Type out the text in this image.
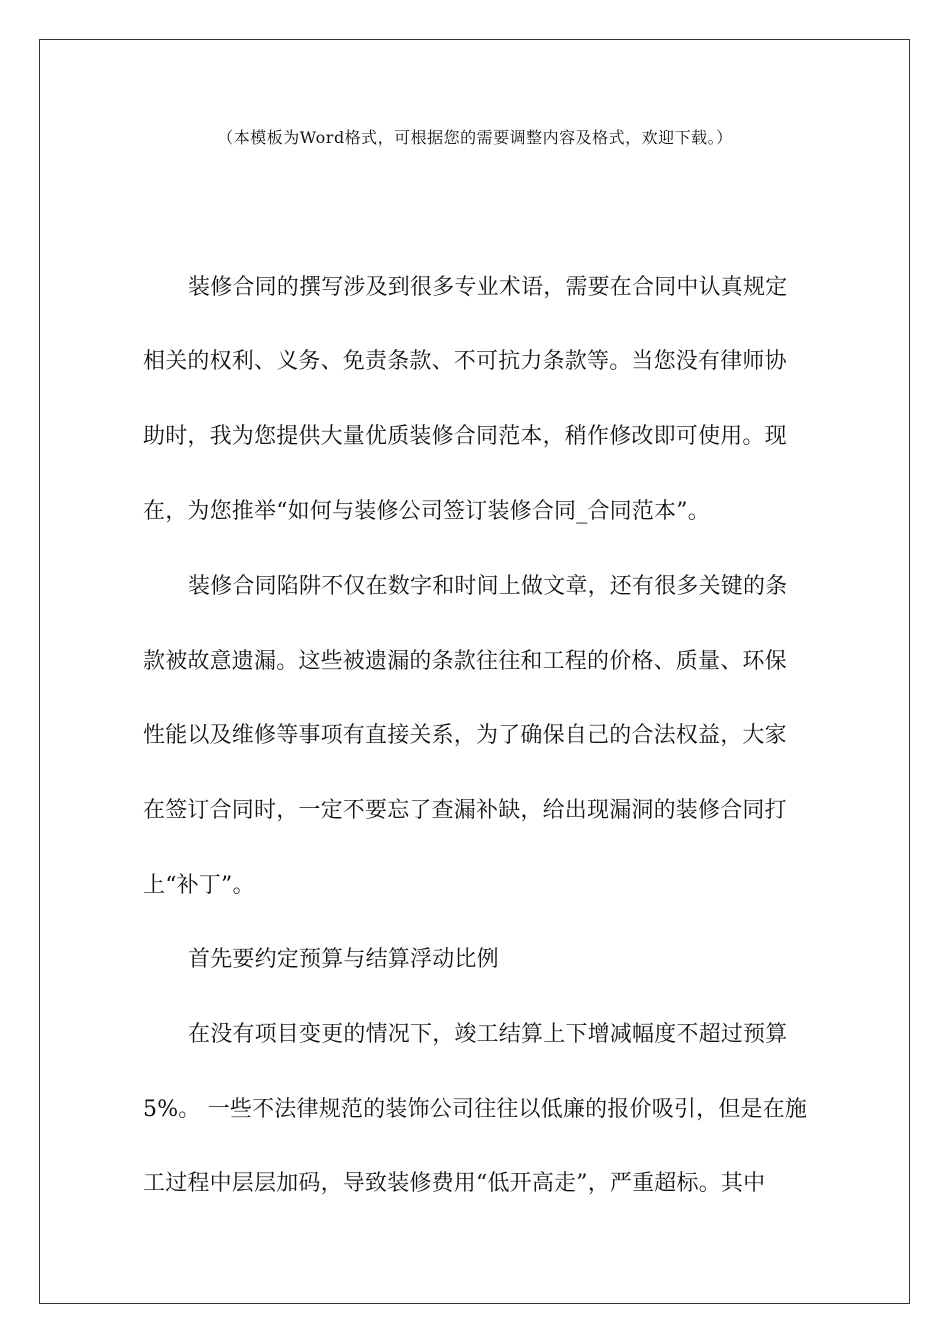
（本模板为Word格式，可根据您的需要调整内容及格式，欢迎下载。）
装修合同的撰写涉及到很多专业术语，需要在合同中认真规定
相关的权利、义务、免责条款、不可抗力条款等。当您没有律师协
助时，我为您提供大量优质装修合同范本，稍作修改即可使用。现
在，为您推举“如何与装修公司签订装修合同_合同范本”。
装修合同陷阱不仅在数字和时间上做文章，还有很多关键的条
款被故意遗漏。这些被遗漏的条款往往和工程的价格、质量、环保
性能以及维修等事项有直接关系，为了确保自己的合法权益，大家
在签订合同时，一定不要忘了查漏补缺，给出现漏洞的装修合同打
上“补丁”。
首先要约定预算与结算浮动比例
在没有项目变更的情况下，竣工结算上下增减幅度不超过预算
5%。 一些不法律规范的装饰公司往往以低廉的报价吸引，但是在施
工过程中层层加码，导致装修费用“低开高走”，严重超标。其中
